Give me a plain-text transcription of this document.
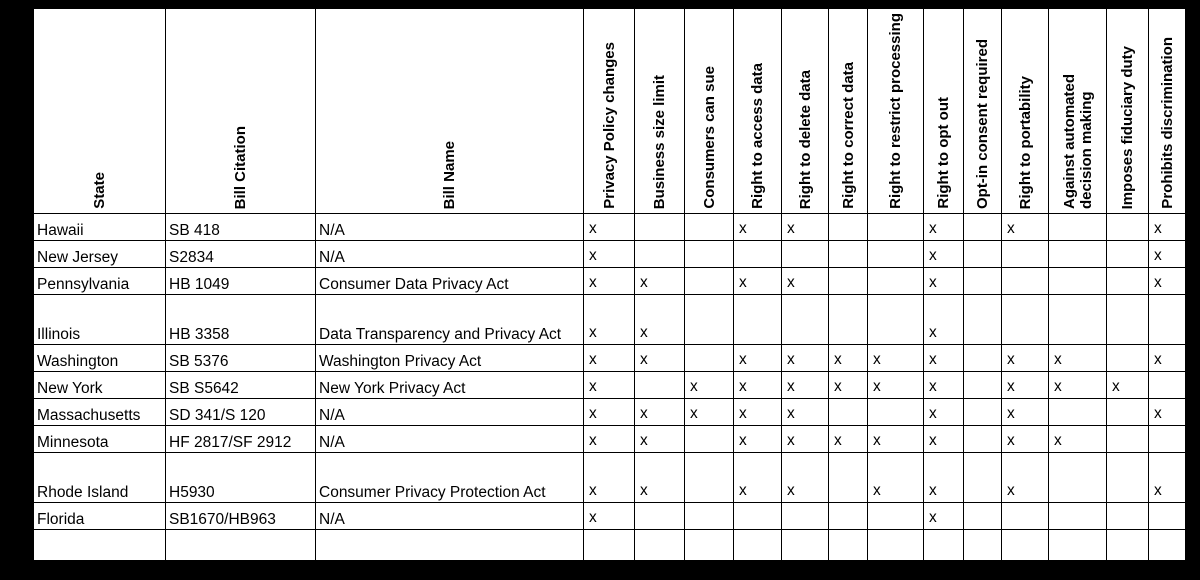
State	Bill Citation	Bill Name	Privacy Policy changes	Business size limit	Consumers can sue	Right to access data	Right to delete data	Right to correct data	Right to restrict processing	Right to opt out	Opt-in consent required	Right to portability	Against automated decision making	Imposes fiduciary duty	Prohibits discrimination

Hawaii	SB 418	N/A	x			x	x			x		x			x
New Jersey	S2834	N/A	x							x					x
Pennsylvania	HB 1049	Consumer Data Privacy Act	x	x		x	x			x					x
Illinois	HB 3358	Data Transparency and Privacy Act	x	x						x					
Washington	SB 5376	Washington Privacy Act	x	x		x	x	x	x	x		x	x		x
New York	SB S5642	New York Privacy Act	x		x	x	x	x	x	x		x	x	x	
Massachusetts	SD 341/S 120	N/A	x	x	x	x	x			x		x			x
Minnesota	HF 2817/SF 2912	N/A	x	x		x	x	x	x	x		x	x		
Rhode Island	H5930	Consumer Privacy Protection Act	x	x		x	x		x	x		x			x
Florida	SB1670/HB963	N/A	x							x					
Nebraska	LB746	Nebraska Consumer Data Privacy Act	x	x		x	x			x					x
